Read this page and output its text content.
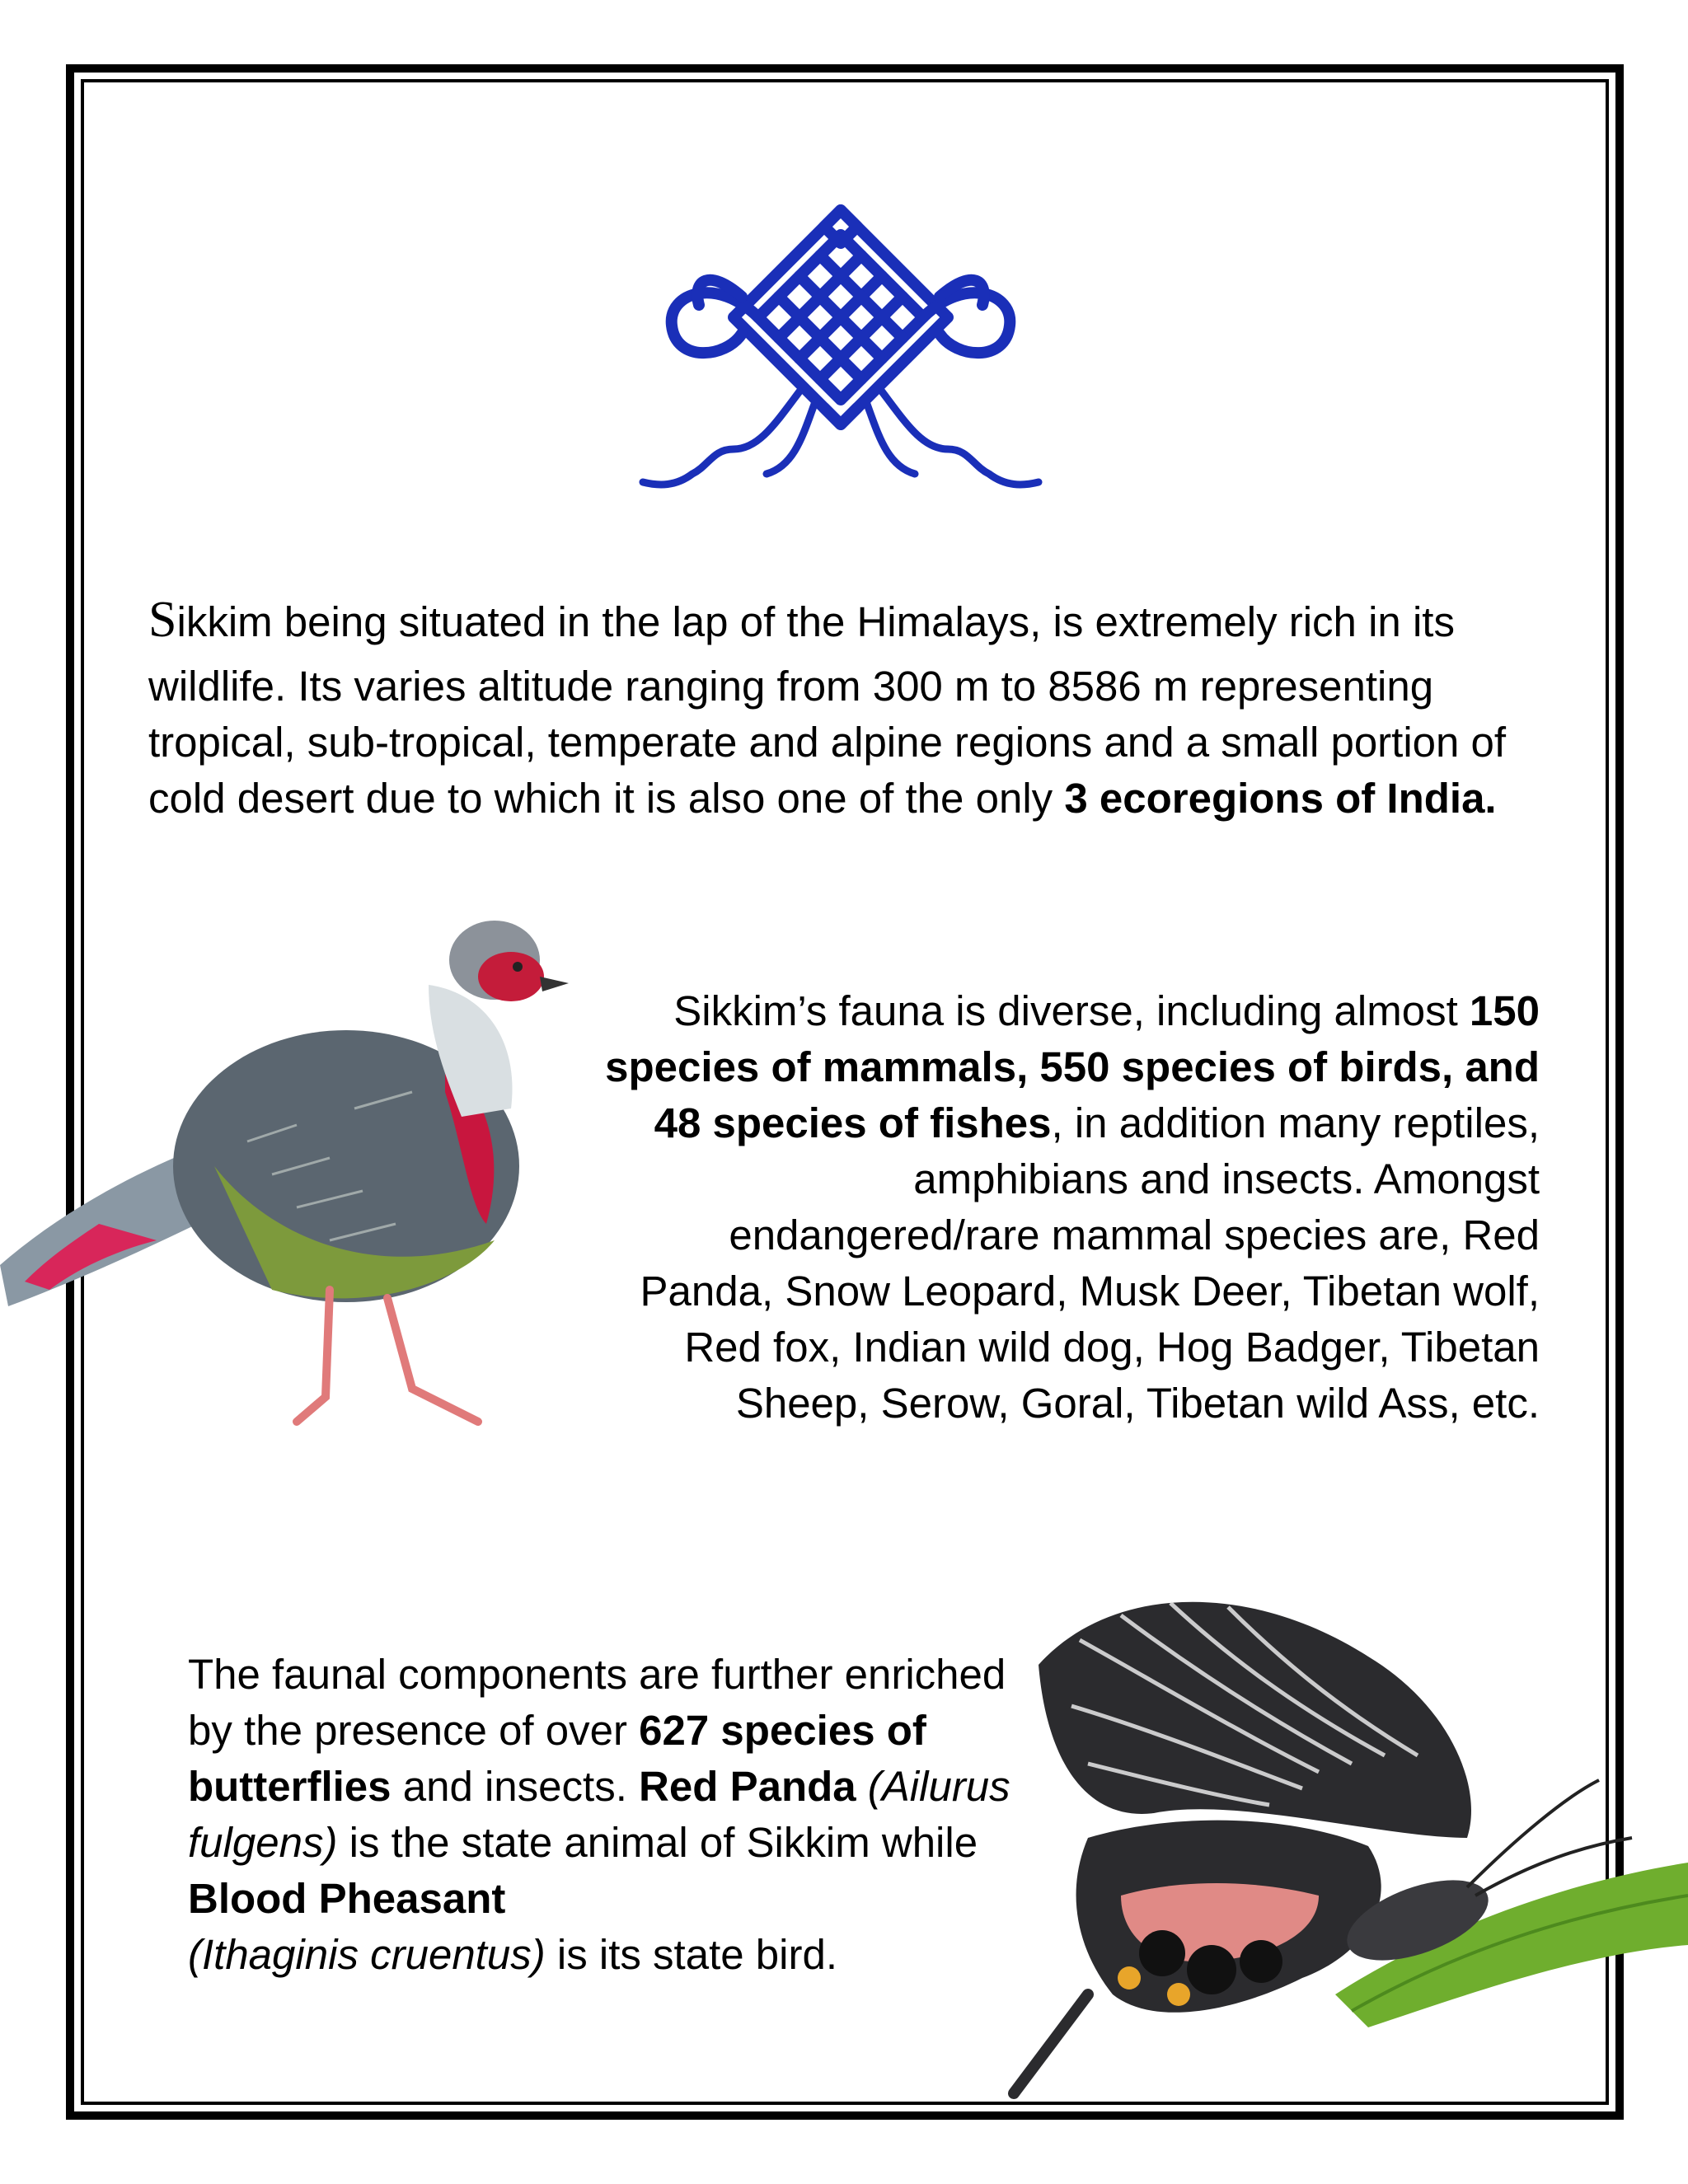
Sikkim being situated in the lap of the Himalays, is extremely rich in its
wildlife. Its varies altitude ranging from 300 m to 8586 m representing tropical, sub-tropical, temperate and alpine regions and a small portion of cold desert due to which it is also one of the only 3 ecoregions of India.

Sikkim’s fauna is diverse, including almost 150 species of mammals, 550 species of birds, and 48 species of fishes, in addition many reptiles, amphibians and insects. Amongst endangered/rare mammal species are, Red Panda, Snow Leopard, Musk Deer, Tibetan wolf, Red fox, Indian wild dog, Hog Badger, Tibetan Sheep, Serow, Goral, Tibetan wild Ass, etc.

The faunal components are further enriched by the presence of over 627 species of butterflies and insects. Red Panda (Ailurus fulgens) is the state animal of Sikkim while Blood Pheasant
(Ithaginis cruentus) is its state bird.
